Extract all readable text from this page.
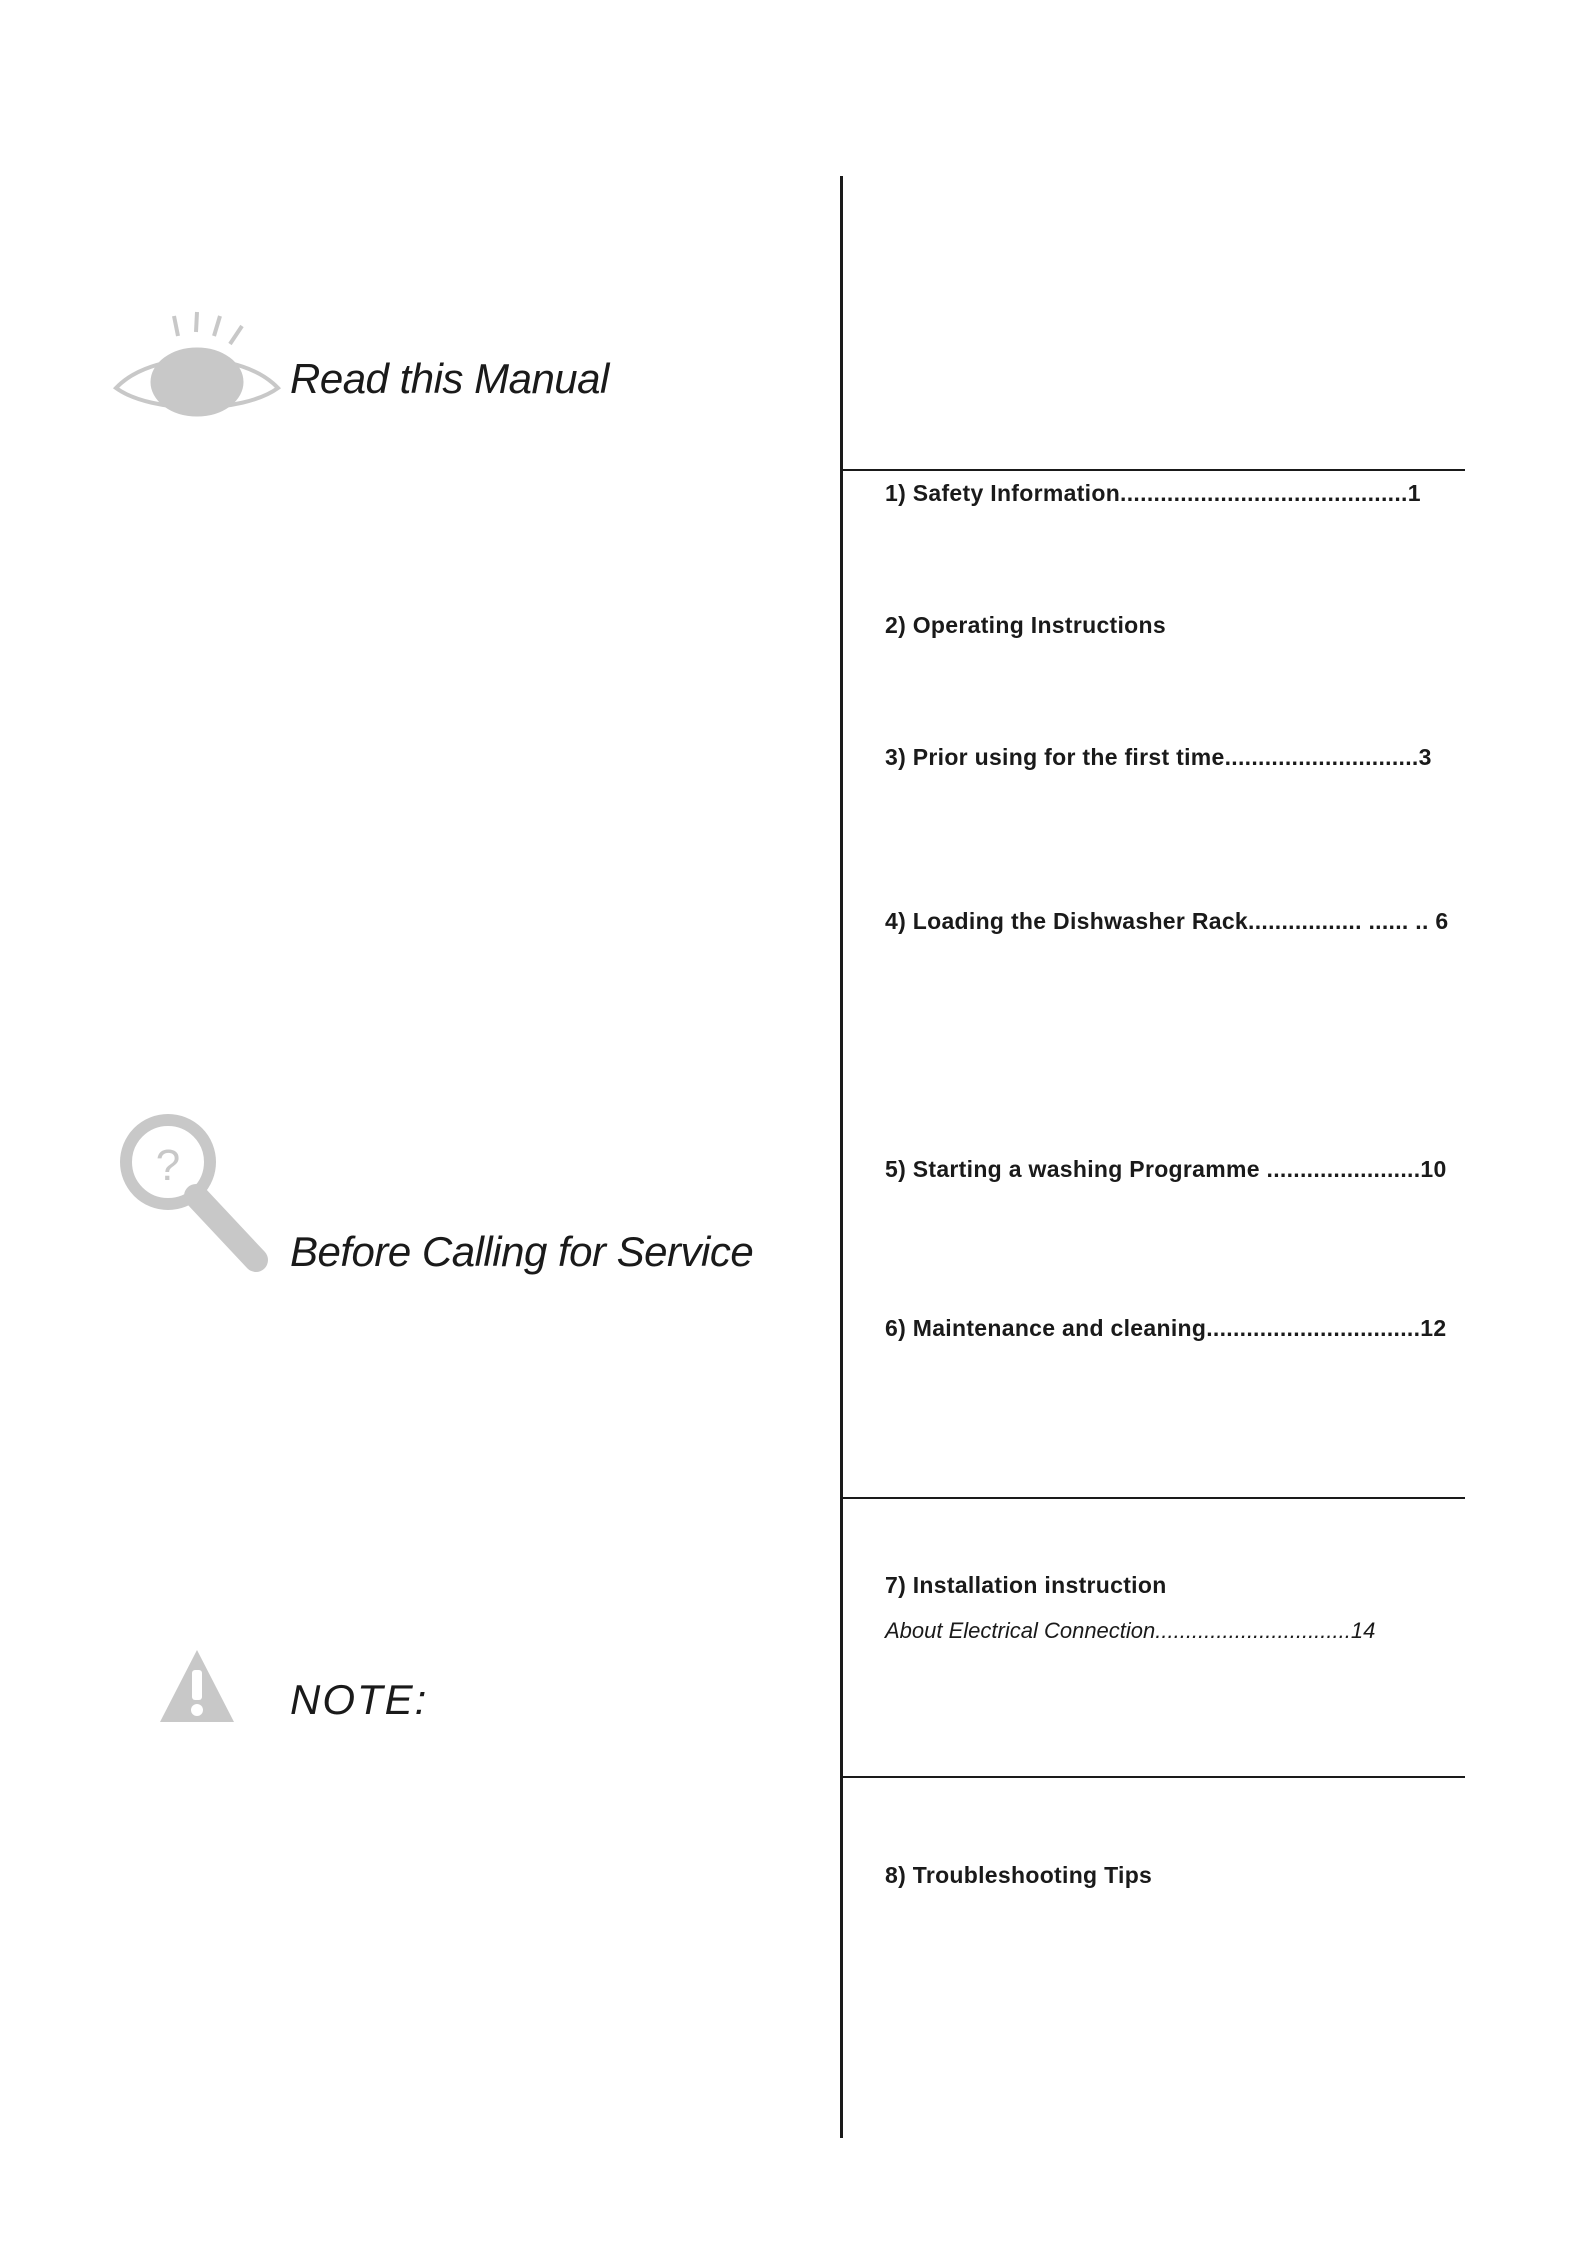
Read this Manual
?
Before Calling for Service
NOTE:
1) Safety Information...........................................1
2) Operating Instructions
3) Prior using for the first time.............................3
4) Loading the Dishwasher Rack................. ...... .. 6
5) Starting a washing Programme .......................10
6) Maintenance and cleaning................................12
7) Installation instruction
About Electrical Connection................................14
8) Troubleshooting Tips
